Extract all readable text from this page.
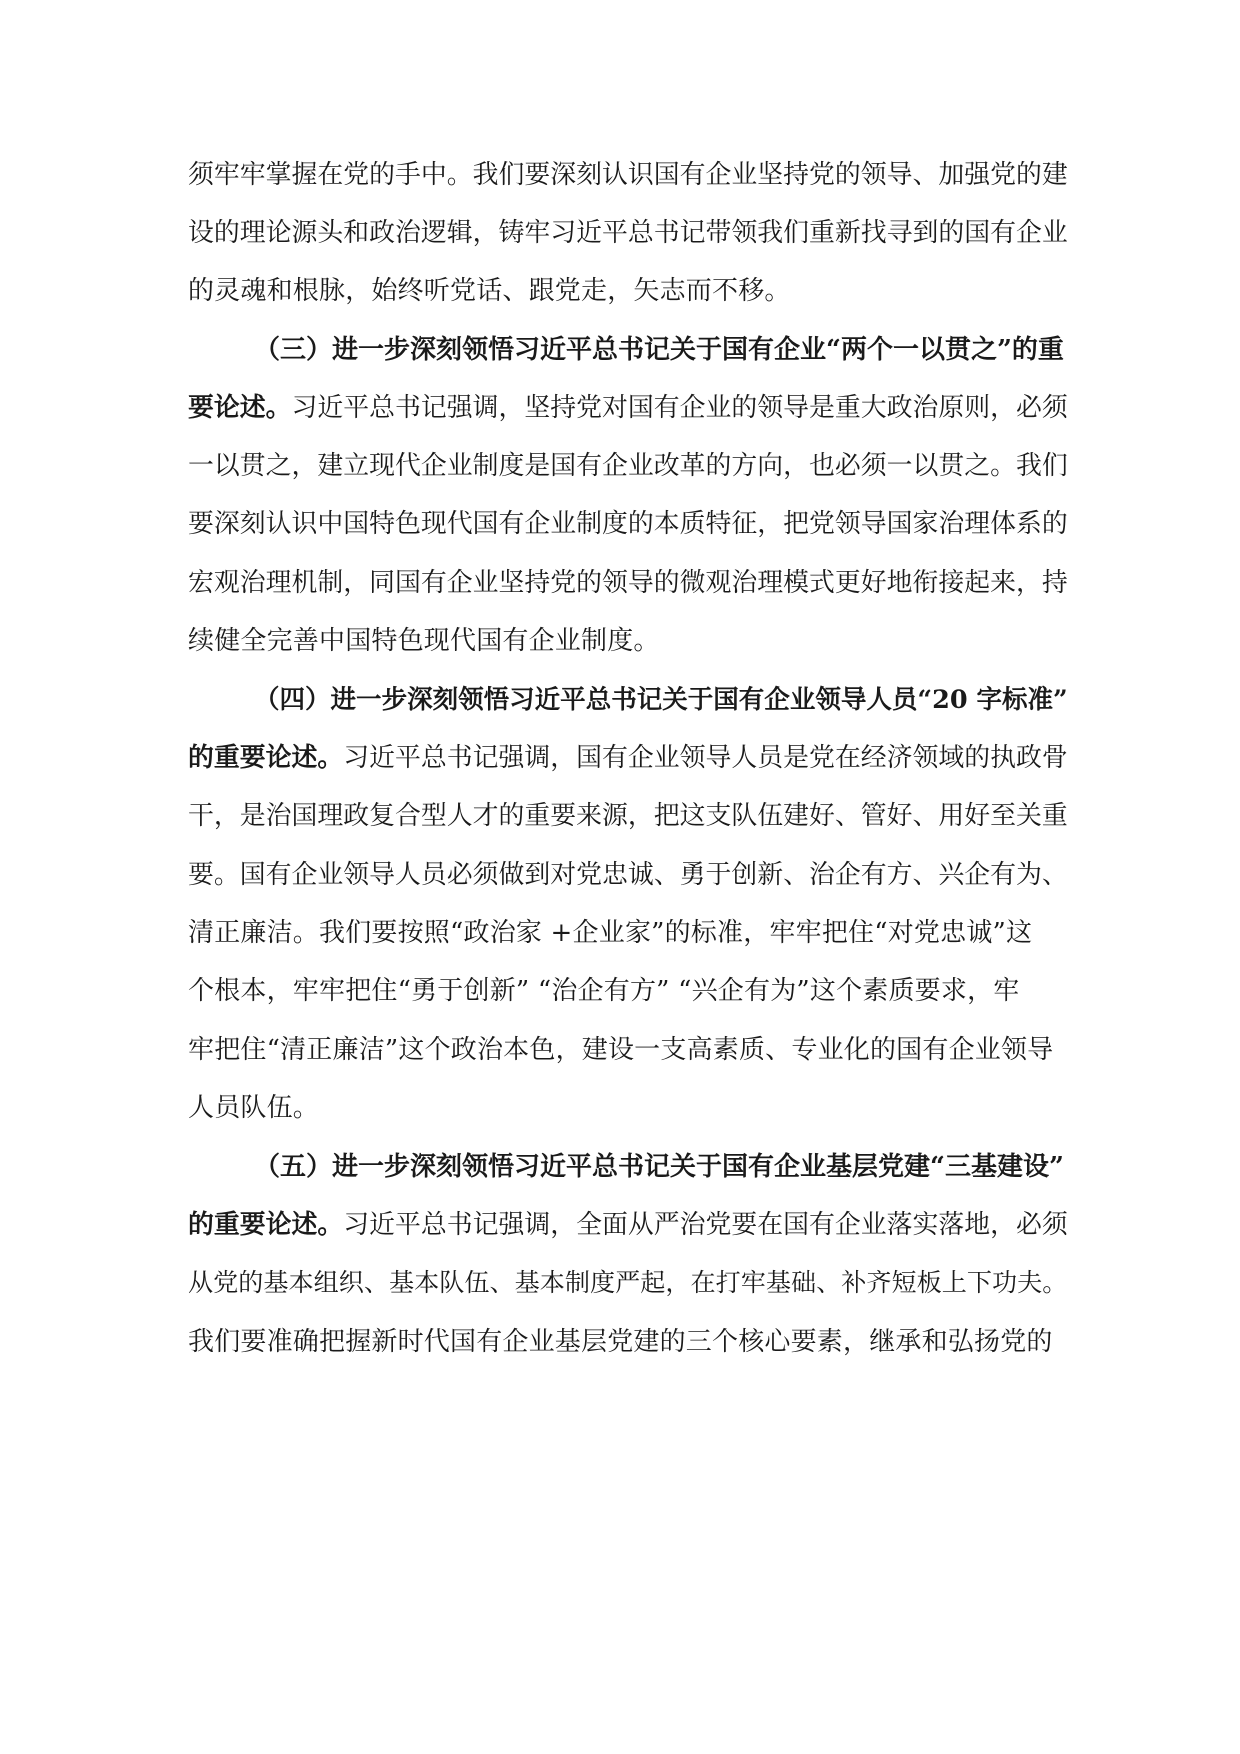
须牢牢掌握在党的手中。我们要深刻认识国有企业坚持党的领导、加强党的建
设的理论源头和政治逻辑，铸牢习近平总书记带领我们重新找寻到的国有企业
的灵魂和根脉，始终听党话、跟党走，矢志而不移。
（三）进一步深刻领悟习近平总书记关于国有企业“两个一以贯之”的重
要论述。习近平总书记强调，坚持党对国有企业的领导是重大政治原则，必须
一以贯之，建立现代企业制度是国有企业改革的方向，也必须一以贯之。我们
要深刻认识中国特色现代国有企业制度的本质特征，把党领导国家治理体系的
宏观治理机制，同国有企业坚持党的领导的微观治理模式更好地衔接起来，持
续健全完善中国特色现代国有企业制度。
（四）进一步深刻领悟习近平总书记关于国有企业领导人员“20 字标准”
的重要论述。习近平总书记强调，国有企业领导人员是党在经济领域的执政骨
干，是治国理政复合型人才的重要来源，把这支队伍建好、管好、用好至关重
要。国有企业领导人员必须做到对党忠诚、勇于创新、治企有方、兴企有为、
清正廉洁。我们要按照“政治家 +企业家”的标准，牢牢把住“对党忠诚”这
个根本，牢牢把住“勇于创新” “治企有方” “兴企有为”这个素质要求，牢
牢把住“清正廉洁”这个政治本色，建设一支高素质、专业化的国有企业领导
人员队伍。
（五）进一步深刻领悟习近平总书记关于国有企业基层党建“三基建设”
的重要论述。习近平总书记强调，全面从严治党要在国有企业落实落地，必须
从党的基本组织、基本队伍、基本制度严起，在打牢基础、补齐短板上下功夫。
我们要准确把握新时代国有企业基层党建的三个核心要素，继承和弘扬党的
